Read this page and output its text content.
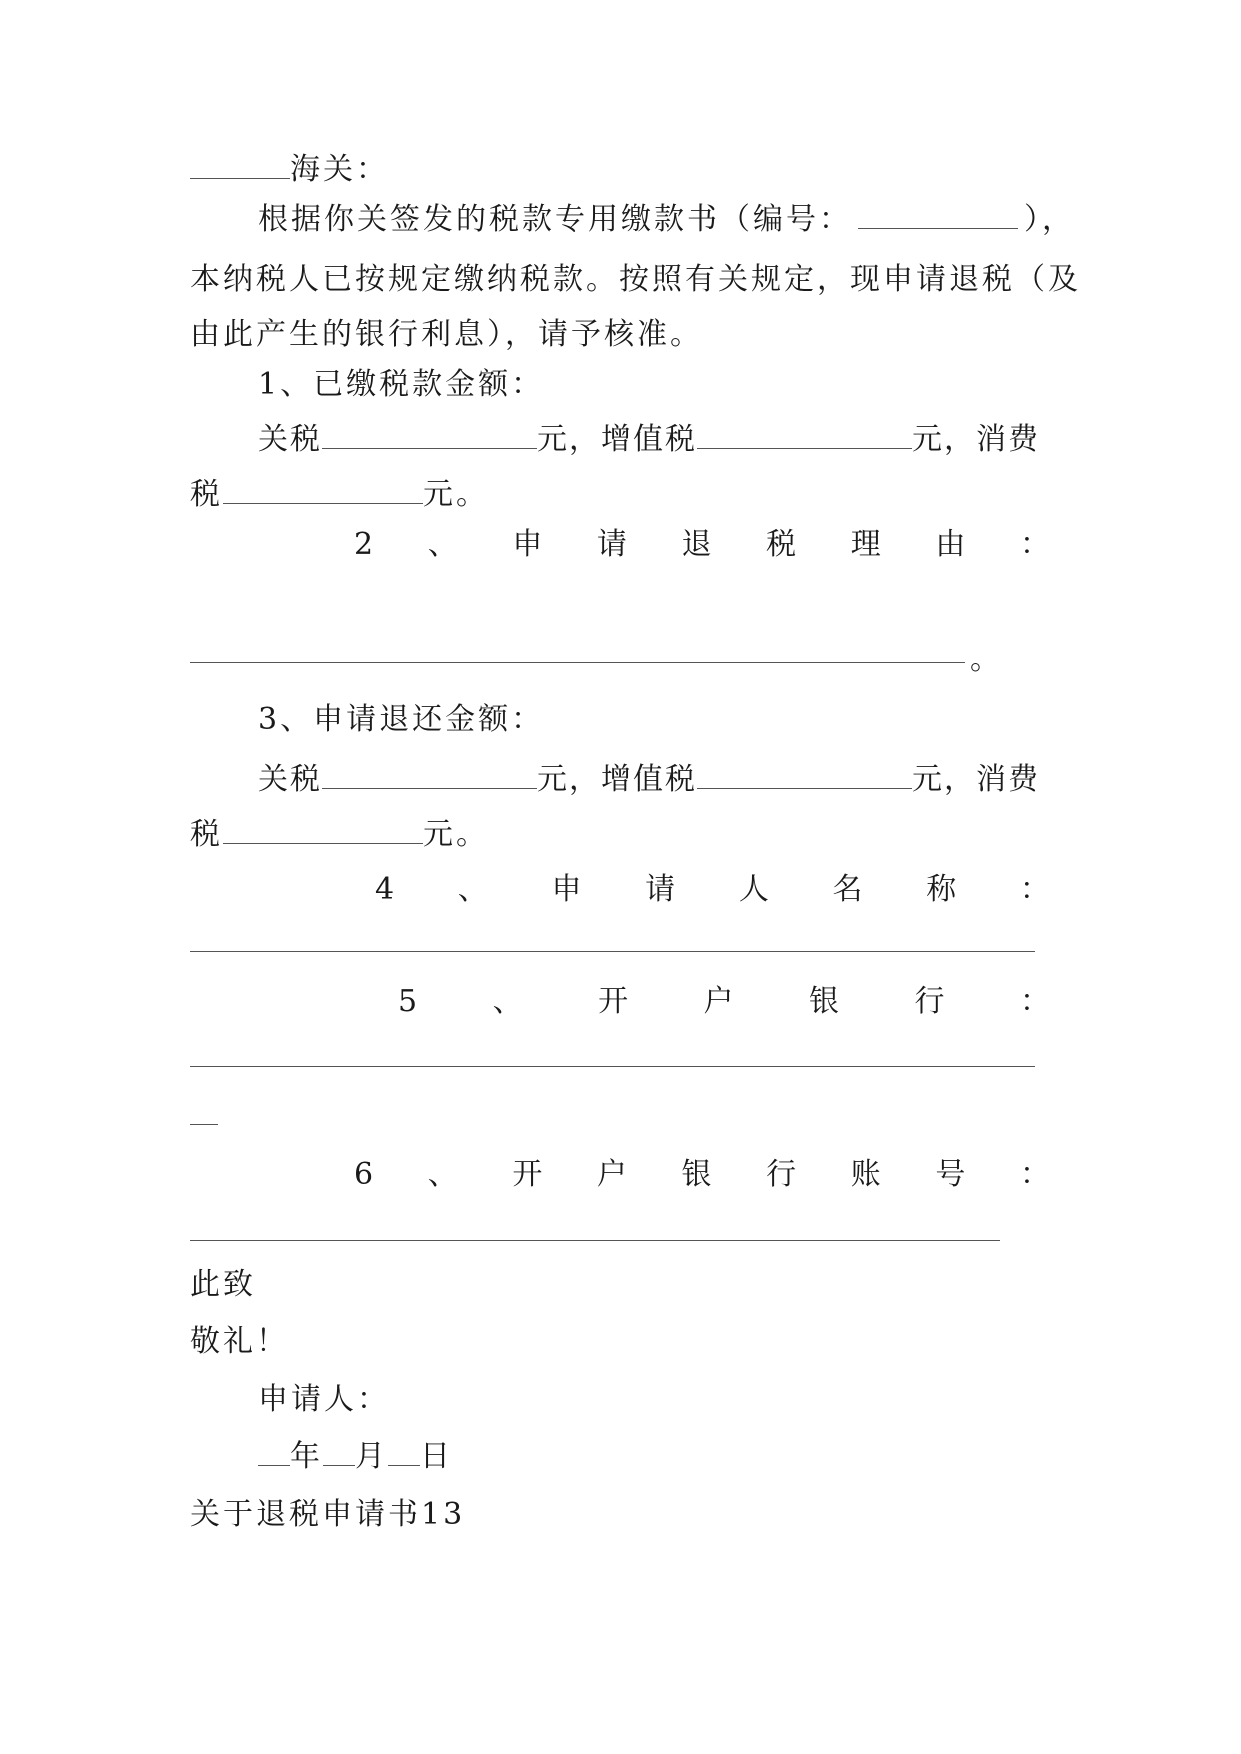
海关：
根据你关签发的税款专用缴款书（编号：	），
本纳税人已按规定缴纳税款。按照有关规定，现申请退税（及
由此产生的银行利息），请予核准。
1、已缴税款金额：
关税	元，增值税	元，消费
税	元。
2 、 申 请 退 税 理 由 ：
。
3、申请退还金额：
关税	元，增值税	元，消费
税	元。
4 、 申 请 人 名 称 ：
5	、	开	户	银	行	：
6 、 开 户 银 行 账 号 ：
此致
敬礼！
申请人：
年 月 日
关于退税申请书13
